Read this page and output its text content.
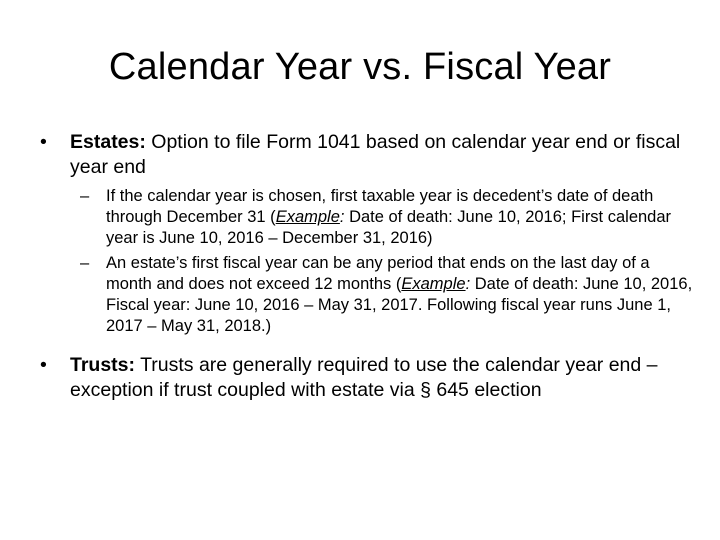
Calendar Year vs. Fiscal Year
•	Estates: Option to file Form 1041 based on calendar year end or fiscal year end
– If the calendar year is chosen, first taxable year is decedent’s date of death through December 31 (Example: Date of death: June 10, 2016; First calendar year is June 10, 2016 – December 31, 2016)
– An estate’s first fiscal year can be any period that ends on the last day of a month and does not exceed 12 months (Example: Date of death: June 10, 2016, Fiscal year: June 10, 2016 – May 31, 2017. Following fiscal year runs June 1, 2017 – May 31, 2018.)
•	Trusts: Trusts are generally required to use the calendar year end – exception if trust coupled with estate via § 645 election
